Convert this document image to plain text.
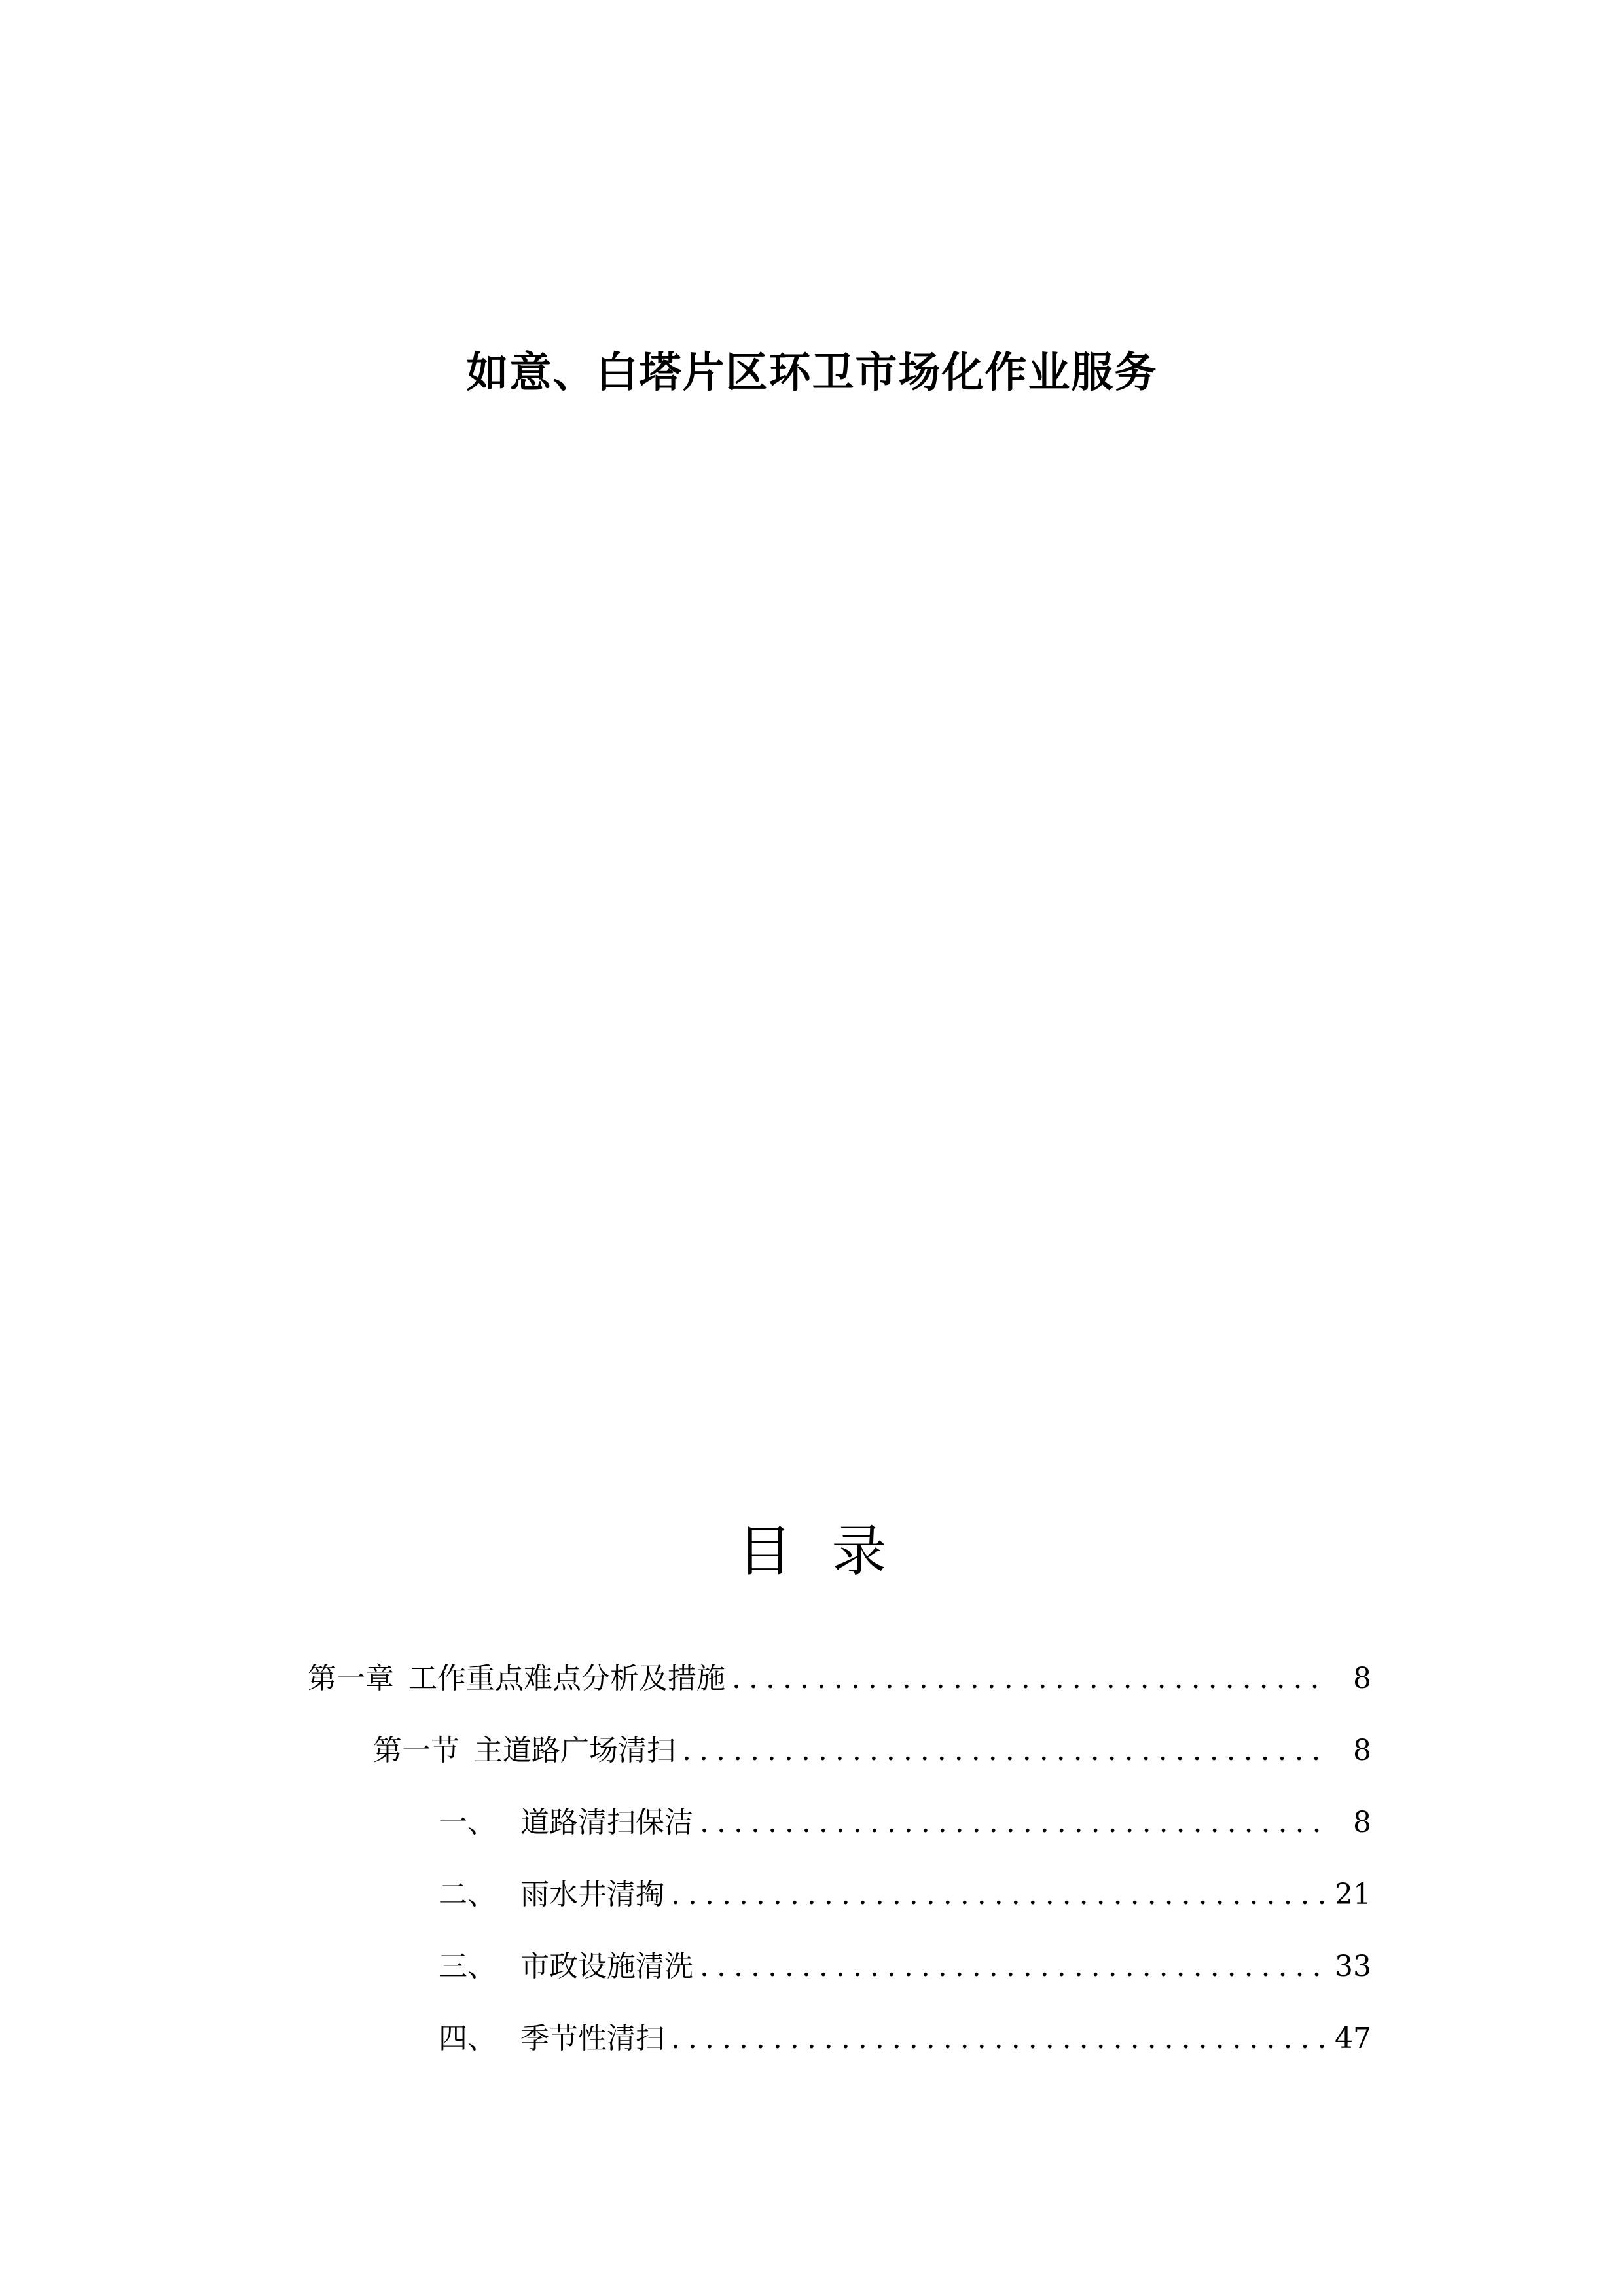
如意、白塔片区环卫市场化作业服务
目录
第一章 工作重点难点分析及措施 .....	8
第一节 主道路广场清扫 .....	8
一、 道路清扫保洁 .....	8
二、 雨水井清掏 .....	21
三、 市政设施清洗 .....	33
四、 季节性清扫 .....	47
